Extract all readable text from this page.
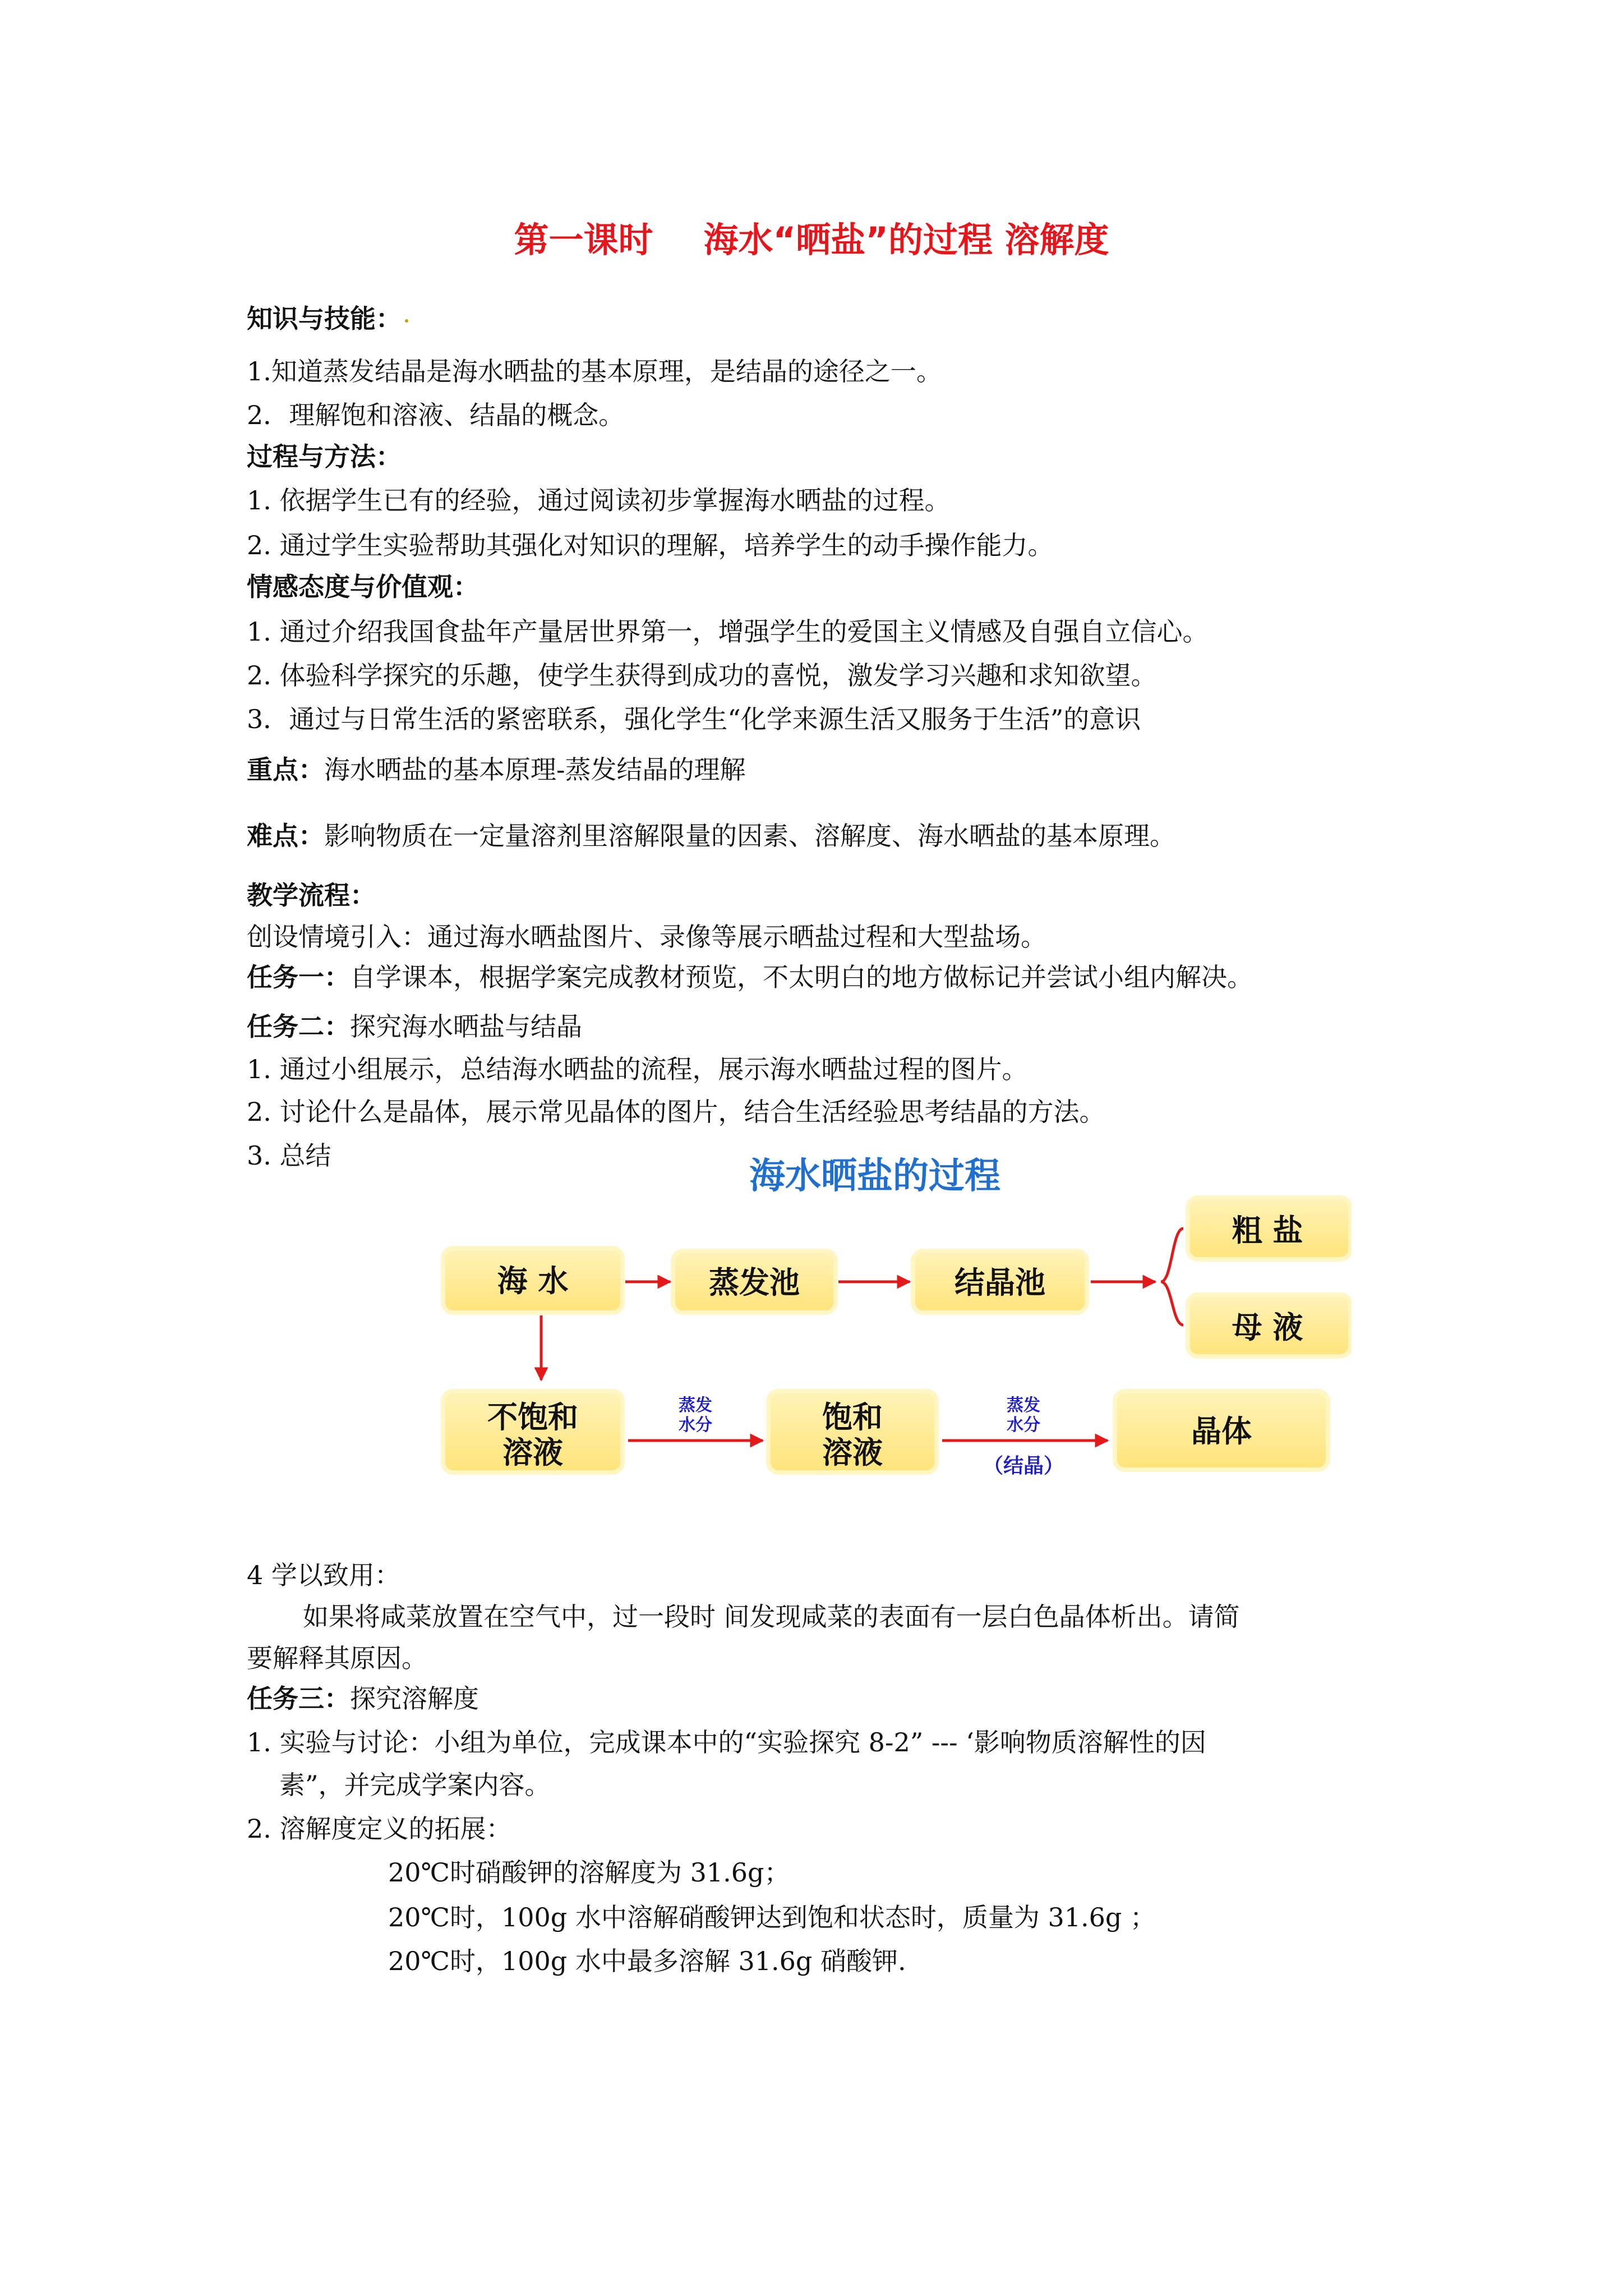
第一课时 海水“晒盐”的过程 溶解度
知识与技能：
1.知道蒸发结晶是海水晒盐的基本原理，是结晶的途径之一。
2．理解饱和溶液、结晶的概念。
过程与方法：
1. 依据学生已有的经验，通过阅读初步掌握海水晒盐的过程。
2. 通过学生实验帮助其强化对知识的理解，培养学生的动手操作能力。
情感态度与价值观：
1. 通过介绍我国食盐年产量居世界第一，增强学生的爱国主义情感及自强自立信心。
2. 体验科学探究的乐趣，使学生获得到成功的喜悦，激发学习兴趣和求知欲望。
3．通过与日常生活的紧密联系，强化学生“化学来源生活又服务于生活”的意识
重点：海水晒盐的基本原理-蒸发结晶的理解
难点：影响物质在一定量溶剂里溶解限量的因素、溶解度、海水晒盐的基本原理。
教学流程：
创设情境引入：通过海水晒盐图片、录像等展示晒盐过程和大型盐场。
任务一：自学课本，根据学案完成教材预览，不太明白的地方做标记并尝试小组内解决。
任务二：探究海水晒盐与结晶
1. 通过小组展示，总结海水晒盐的流程，展示海水晒盐过程的图片。
2. 讨论什么是晶体，展示常见晶体的图片，结合生活经验思考结晶的方法。
3. 总结	海水晒盐的过程
海 水	蒸发池	结晶池
粗 盐
母 液
不饱和
溶液
饱和
溶液
晶体
蒸发
水分
蒸发
水分
（结晶）
4 学以致用：
如果将咸菜放置在空气中，过一段时 间发现咸菜的表面有一层白色晶体析出。请简
要解释其原因。
任务三：探究溶解度
1. 实验与讨论：小组为单位，完成课本中的“实验探究 8-2” --- ‘影响物质溶解性的因
素”，并完成学案内容。
2. 溶解度定义的拓展：
20℃时硝酸钾的溶解度为 31.6g；
20℃时，100g 水中溶解硝酸钾达到饱和状态时，质量为 31.6g ；
20℃时，100g 水中最多溶解 31.6g 硝酸钾.
